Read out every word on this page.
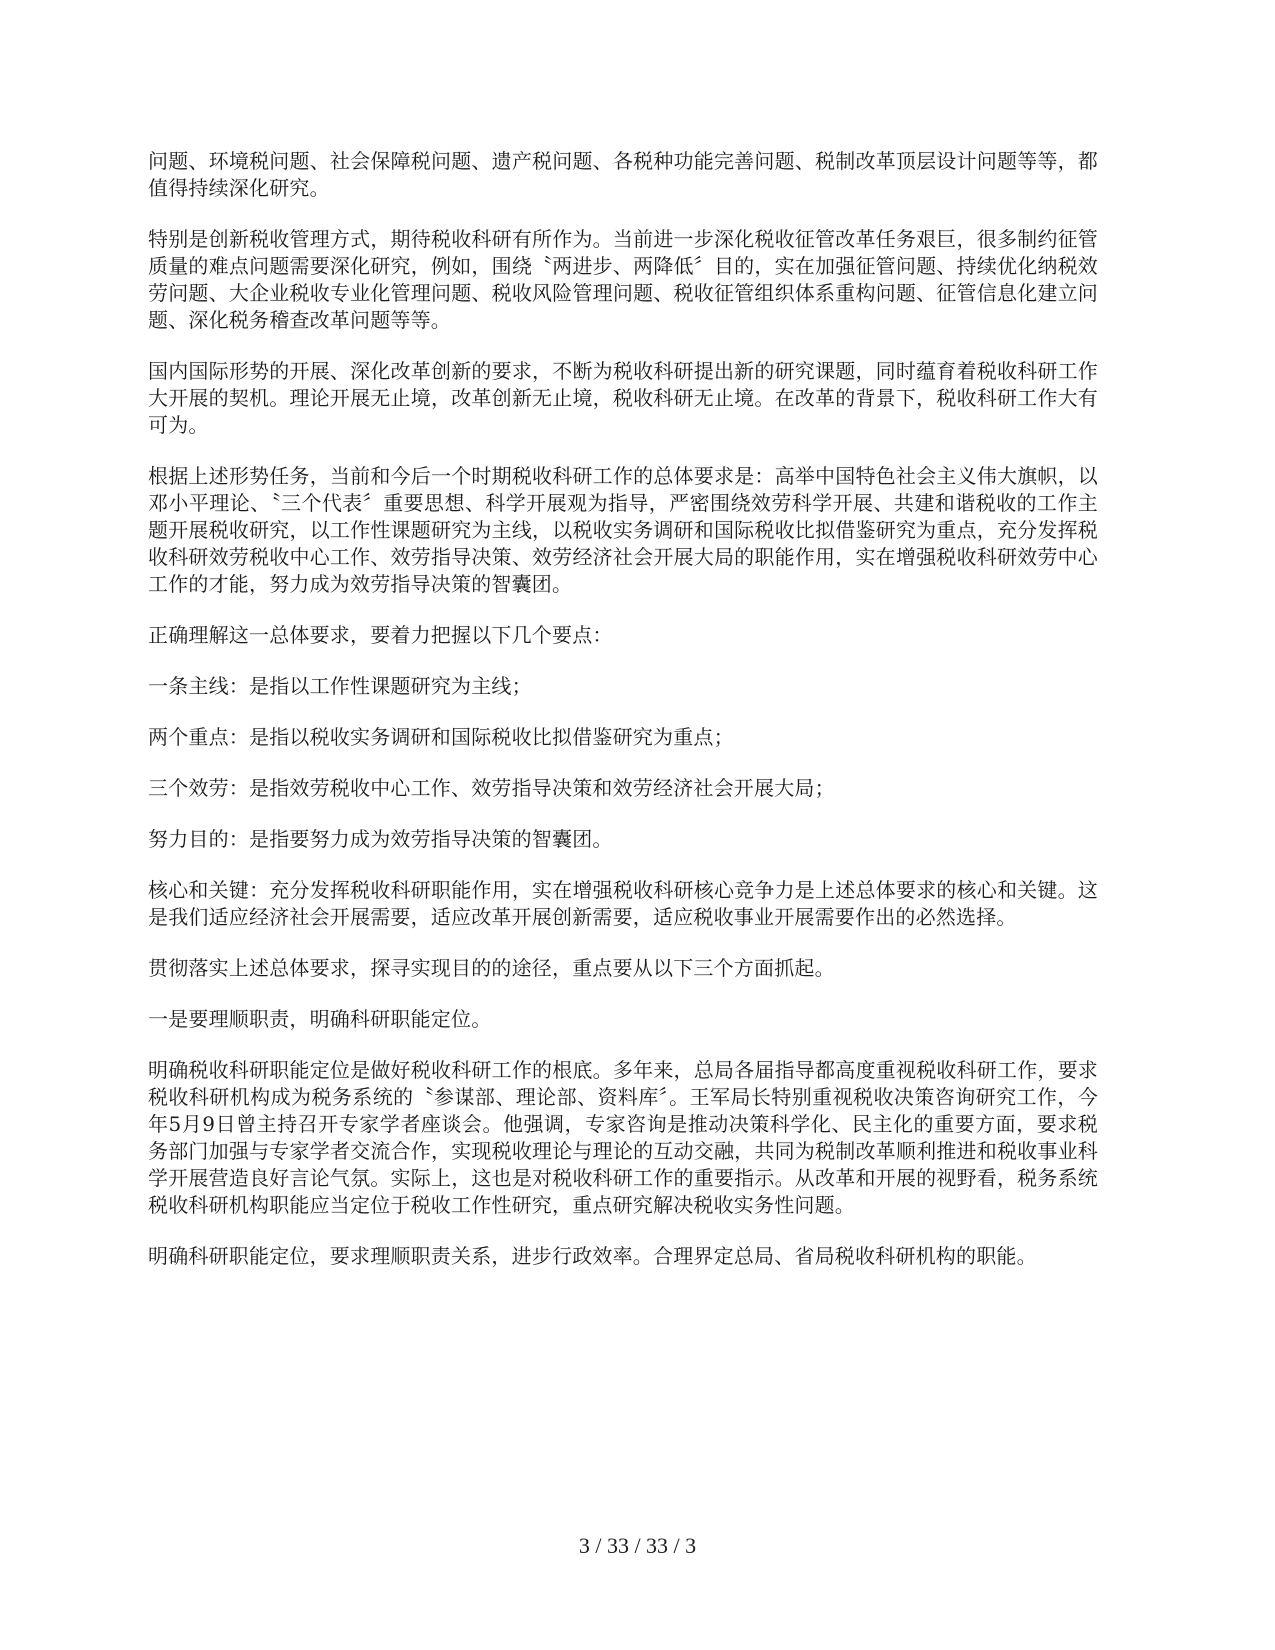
问题、环境税问题、社会保障税问题、遗产税问题、各税种功能完善问题、税制改革顶层设计问题等等，都值得持续深化研究。

特别是创新税收管理方式，期待税收科研有所作为。当前进一步深化税收征管改革任务艰巨，很多制约征管质量的难点问题需要深化研究，例如，围绕〝两进步、两降低〞目的，实在加强征管问题、持续优化纳税效劳问题、大企业税收专业化管理问题、税收风险管理问题、税收征管组织体系重构问题、征管信息化建立问题、深化税务稽查改革问题等等。

国内国际形势的开展、深化改革创新的要求，不断为税收科研提出新的研究课题，同时蕴育着税收科研工作大开展的契机。理论开展无止境，改革创新无止境，税收科研无止境。在改革的背景下，税收科研工作大有可为。

根据上述形势任务，当前和今后一个时期税收科研工作的总体要求是：高举中国特色社会主义伟大旗帜，以邓小平理论、〝三个代表〞重要思想、科学开展观为指导，严密围绕效劳科学开展、共建和谐税收的工作主题开展税收研究，以工作性课题研究为主线，以税收实务调研和国际税收比拟借鉴研究为重点，充分发挥税收科研效劳税收中心工作、效劳指导决策、效劳经济社会开展大局的职能作用，实在增强税收科研效劳中心工作的才能，努力成为效劳指导决策的智囊团。

正确理解这一总体要求，要着力把握以下几个要点：

一条主线：是指以工作性课题研究为主线；

两个重点：是指以税收实务调研和国际税收比拟借鉴研究为重点；

三个效劳：是指效劳税收中心工作、效劳指导决策和效劳经济社会开展大局；

努力目的：是指要努力成为效劳指导决策的智囊团。

核心和关键：充分发挥税收科研职能作用，实在增强税收科研核心竞争力是上述总体要求的核心和关键。这是我们适应经济社会开展需要，适应改革开展创新需要，适应税收事业开展需要作出的必然选择。

贯彻落实上述总体要求，探寻实现目的的途径，重点要从以下三个方面抓起。

一是要理顺职责，明确科研职能定位。

明确税收科研职能定位是做好税收科研工作的根底。多年来，总局各届指导都高度重视税收科研工作，要求税收科研机构成为税务系统的〝参谋部、理论部、资料库〞。王军局长特别重视税收决策咨询研究工作，今年5月9日曾主持召开专家学者座谈会。他强调，专家咨询是推动决策科学化、民主化的重要方面，要求税务部门加强与专家学者交流合作，实现税收理论与理论的互动交融，共同为税制改革顺利推进和税收事业科学开展营造良好言论气氛。实际上，这也是对税收科研工作的重要指示。从改革和开展的视野看，税务系统税收科研机构职能应当定位于税收工作性研究，重点研究解决税收实务性问题。

明确科研职能定位，要求理顺职责关系，进步行政效率。合理界定总局、省局税收科研机构的职能。

3 / 33 / 33 / 3
